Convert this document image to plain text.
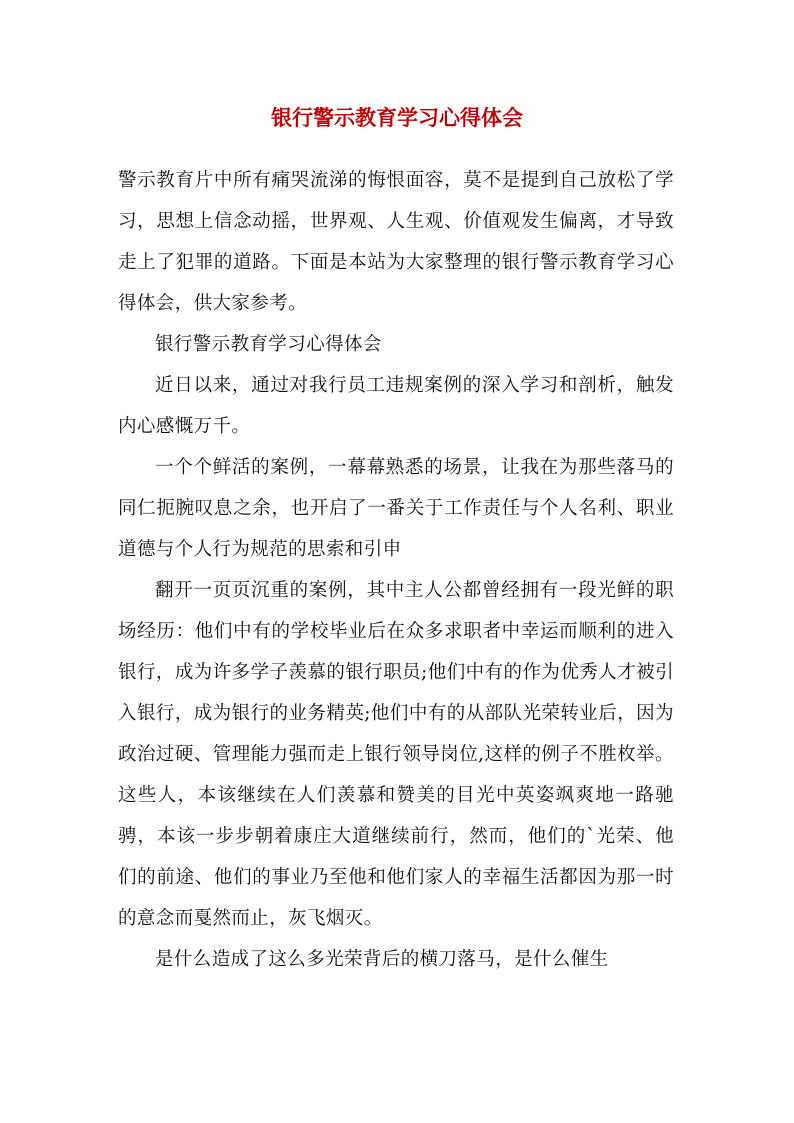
银行警示教育学习心得体会

警示教育片中所有痛哭流涕的悔恨面容，莫不是提到自己放松了学习，思想上信念动摇，世界观、人生观、价值观发生偏离，才导致走上了犯罪的道路。下面是本站为大家整理的银行警示教育学习心得体会，供大家参考。

银行警示教育学习心得体会

近日以来，通过对我行员工违规案例的深入学习和剖析，触发内心感慨万千。

一个个鲜活的案例，一幕幕熟悉的场景，让我在为那些落马的同仁扼腕叹息之余，也开启了一番关于工作责任与个人名利、职业道德与个人行为规范的思索和引申

翻开一页页沉重的案例，其中主人公都曾经拥有一段光鲜的职场经历：他们中有的学校毕业后在众多求职者中幸运而顺利的进入银行，成为许多学子羡慕的银行职员;他们中有的作为优秀人才被引入银行，成为银行的业务精英;他们中有的从部队光荣转业后，因为政治过硬、管理能力强而走上银行领导岗位,这样的例子不胜枚举。这些人，本该继续在人们羡慕和赞美的目光中英姿飒爽地一路驰骋，本该一步步朝着康庄大道继续前行，然而，他们的`光荣、他们的前途、他们的事业乃至他和他们家人的幸福生活都因为那一时的意念而戛然而止，灰飞烟灭。

是什么造成了这么多光荣背后的横刀落马，是什么催生
